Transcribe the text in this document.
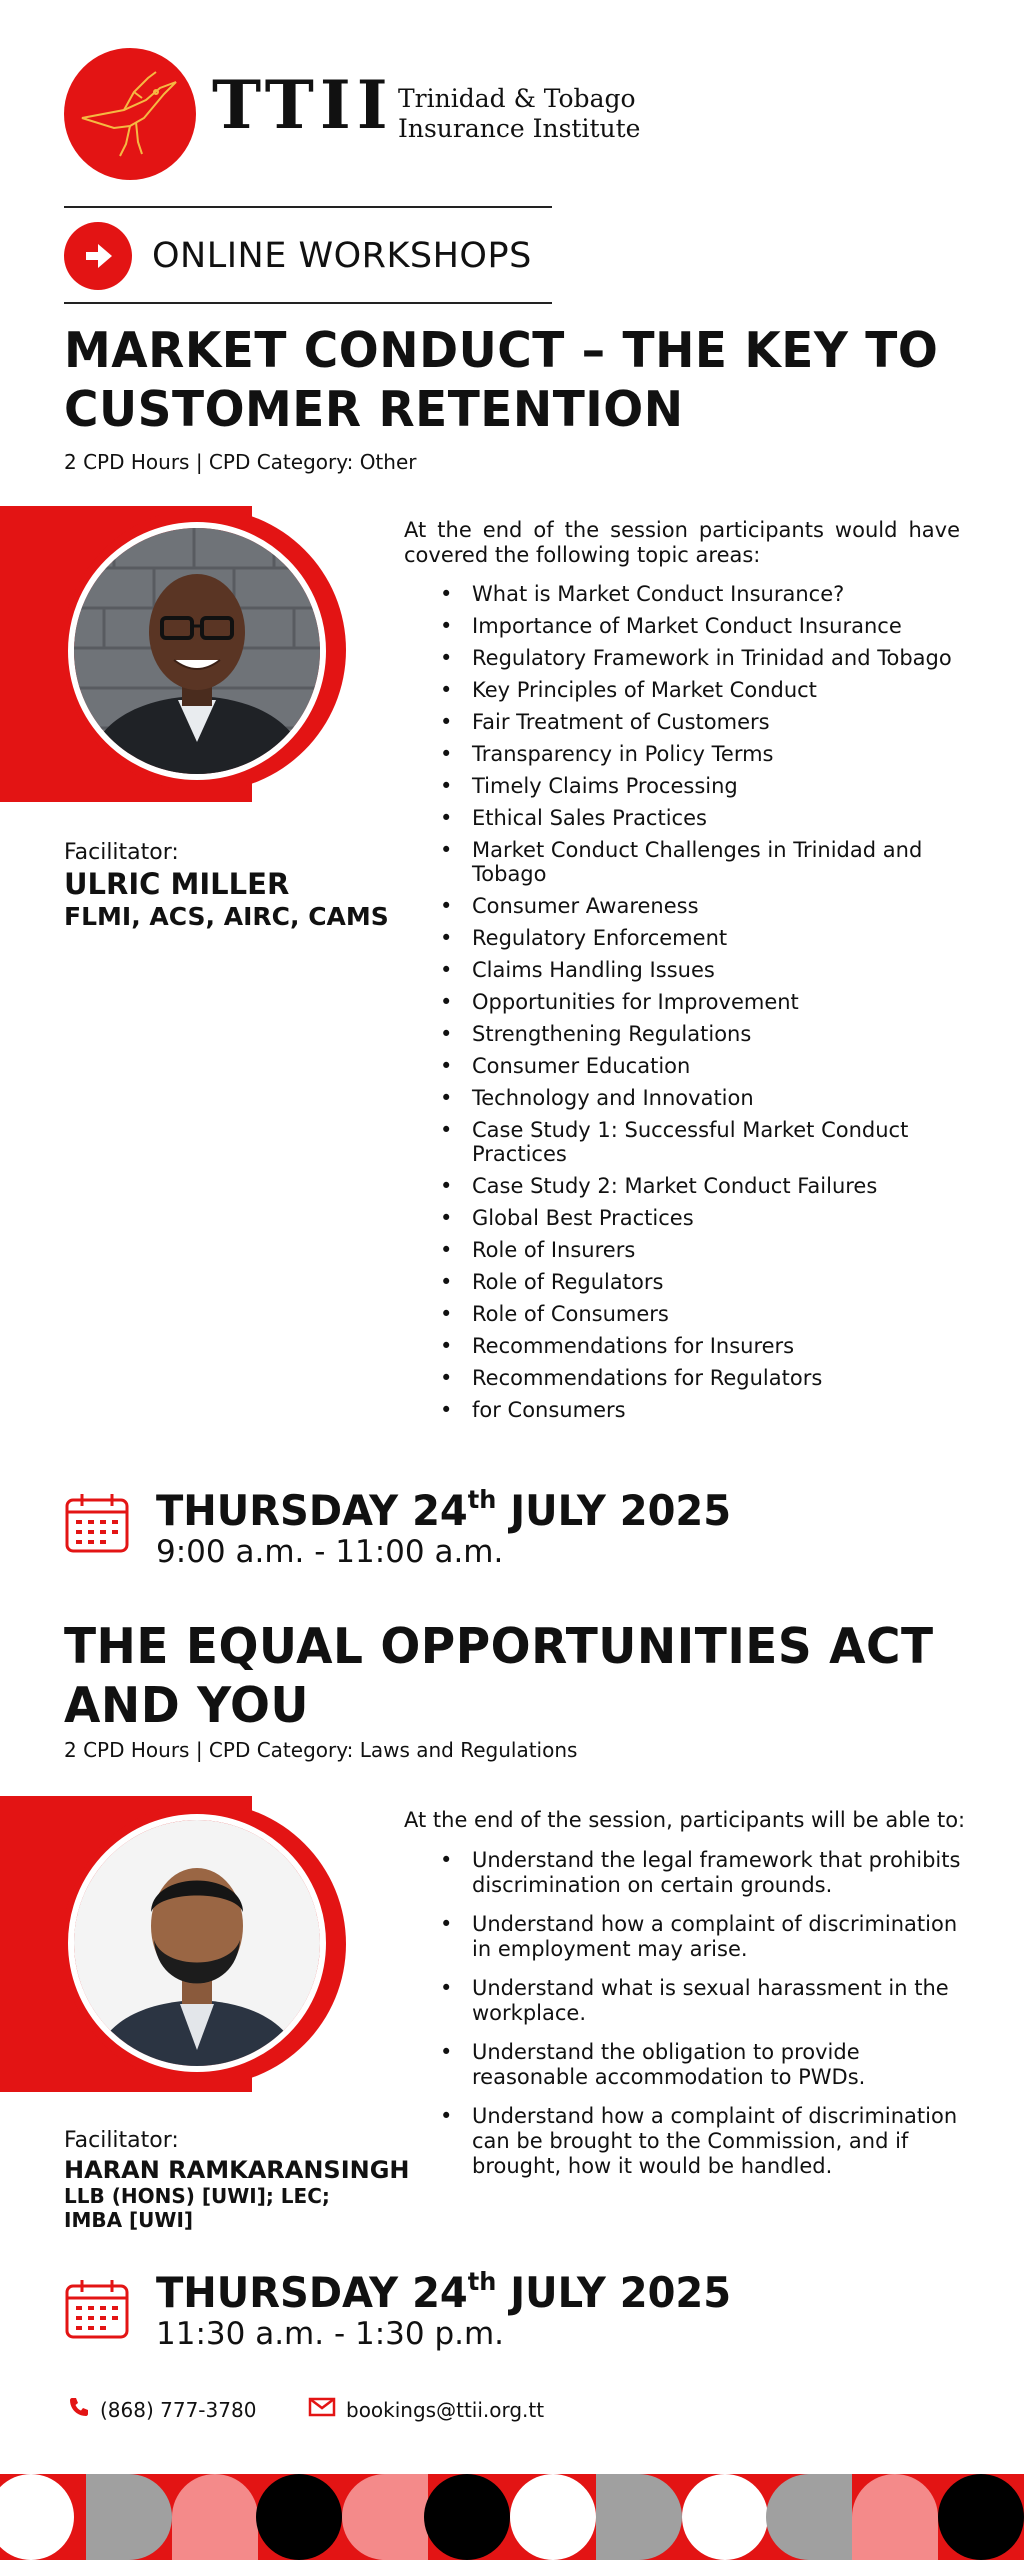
TTII Trinidad & Tobago
Insurance Institute
ONLINE WORKSHOPS
MARKET CONDUCT – THE KEY TO
CUSTOMER RETENTION
2 CPD Hours | CPD Category: Other
Facilitator:
ULRIC MILLER
FLMI, ACS, AIRC, CAMS
At the end of the session participants would have covered the following topic areas:
• What is Market Conduct Insurance?
• Importance of Market Conduct Insurance
• Regulatory Framework in Trinidad and Tobago
• Key Principles of Market Conduct
• Fair Treatment of Customers
• Transparency in Policy Terms
• Timely Claims Processing
• Ethical Sales Practices
• Market Conduct Challenges in Trinidad and Tobago
• Consumer Awareness
• Regulatory Enforcement
• Claims Handling Issues
• Opportunities for Improvement
• Strengthening Regulations
• Consumer Education
• Technology and Innovation
• Case Study 1: Successful Market Conduct Practices
• Case Study 2: Market Conduct Failures
• Global Best Practices
• Role of Insurers
• Role of Regulators
• Role of Consumers
• Recommendations for Insurers
• Recommendations for Regulators
• for Consumers
THURSDAY 24th JULY 2025
9:00 a.m. - 11:00 a.m.
THE EQUAL OPPORTUNITIES ACT
AND YOU
2 CPD Hours | CPD Category: Laws and Regulations
Facilitator:
HARAN RAMKARANSINGH
LLB (HONS) [UWI]; LEC;
IMBA [UWI]
At the end of the session, participants will be able to:
• Understand the legal framework that prohibits discrimination on certain grounds.
• Understand how a complaint of discrimination in employment may arise.
• Understand what is sexual harassment in the workplace.
• Understand the obligation to provide reasonable accommodation to PWDs.
• Understand how a complaint of discrimination can be brought to the Commission, and if brought, how it would be handled.
THURSDAY 24th JULY 2025
11:30 a.m. - 1:30 p.m.
(868) 777-3780	bookings@ttii.org.tt
